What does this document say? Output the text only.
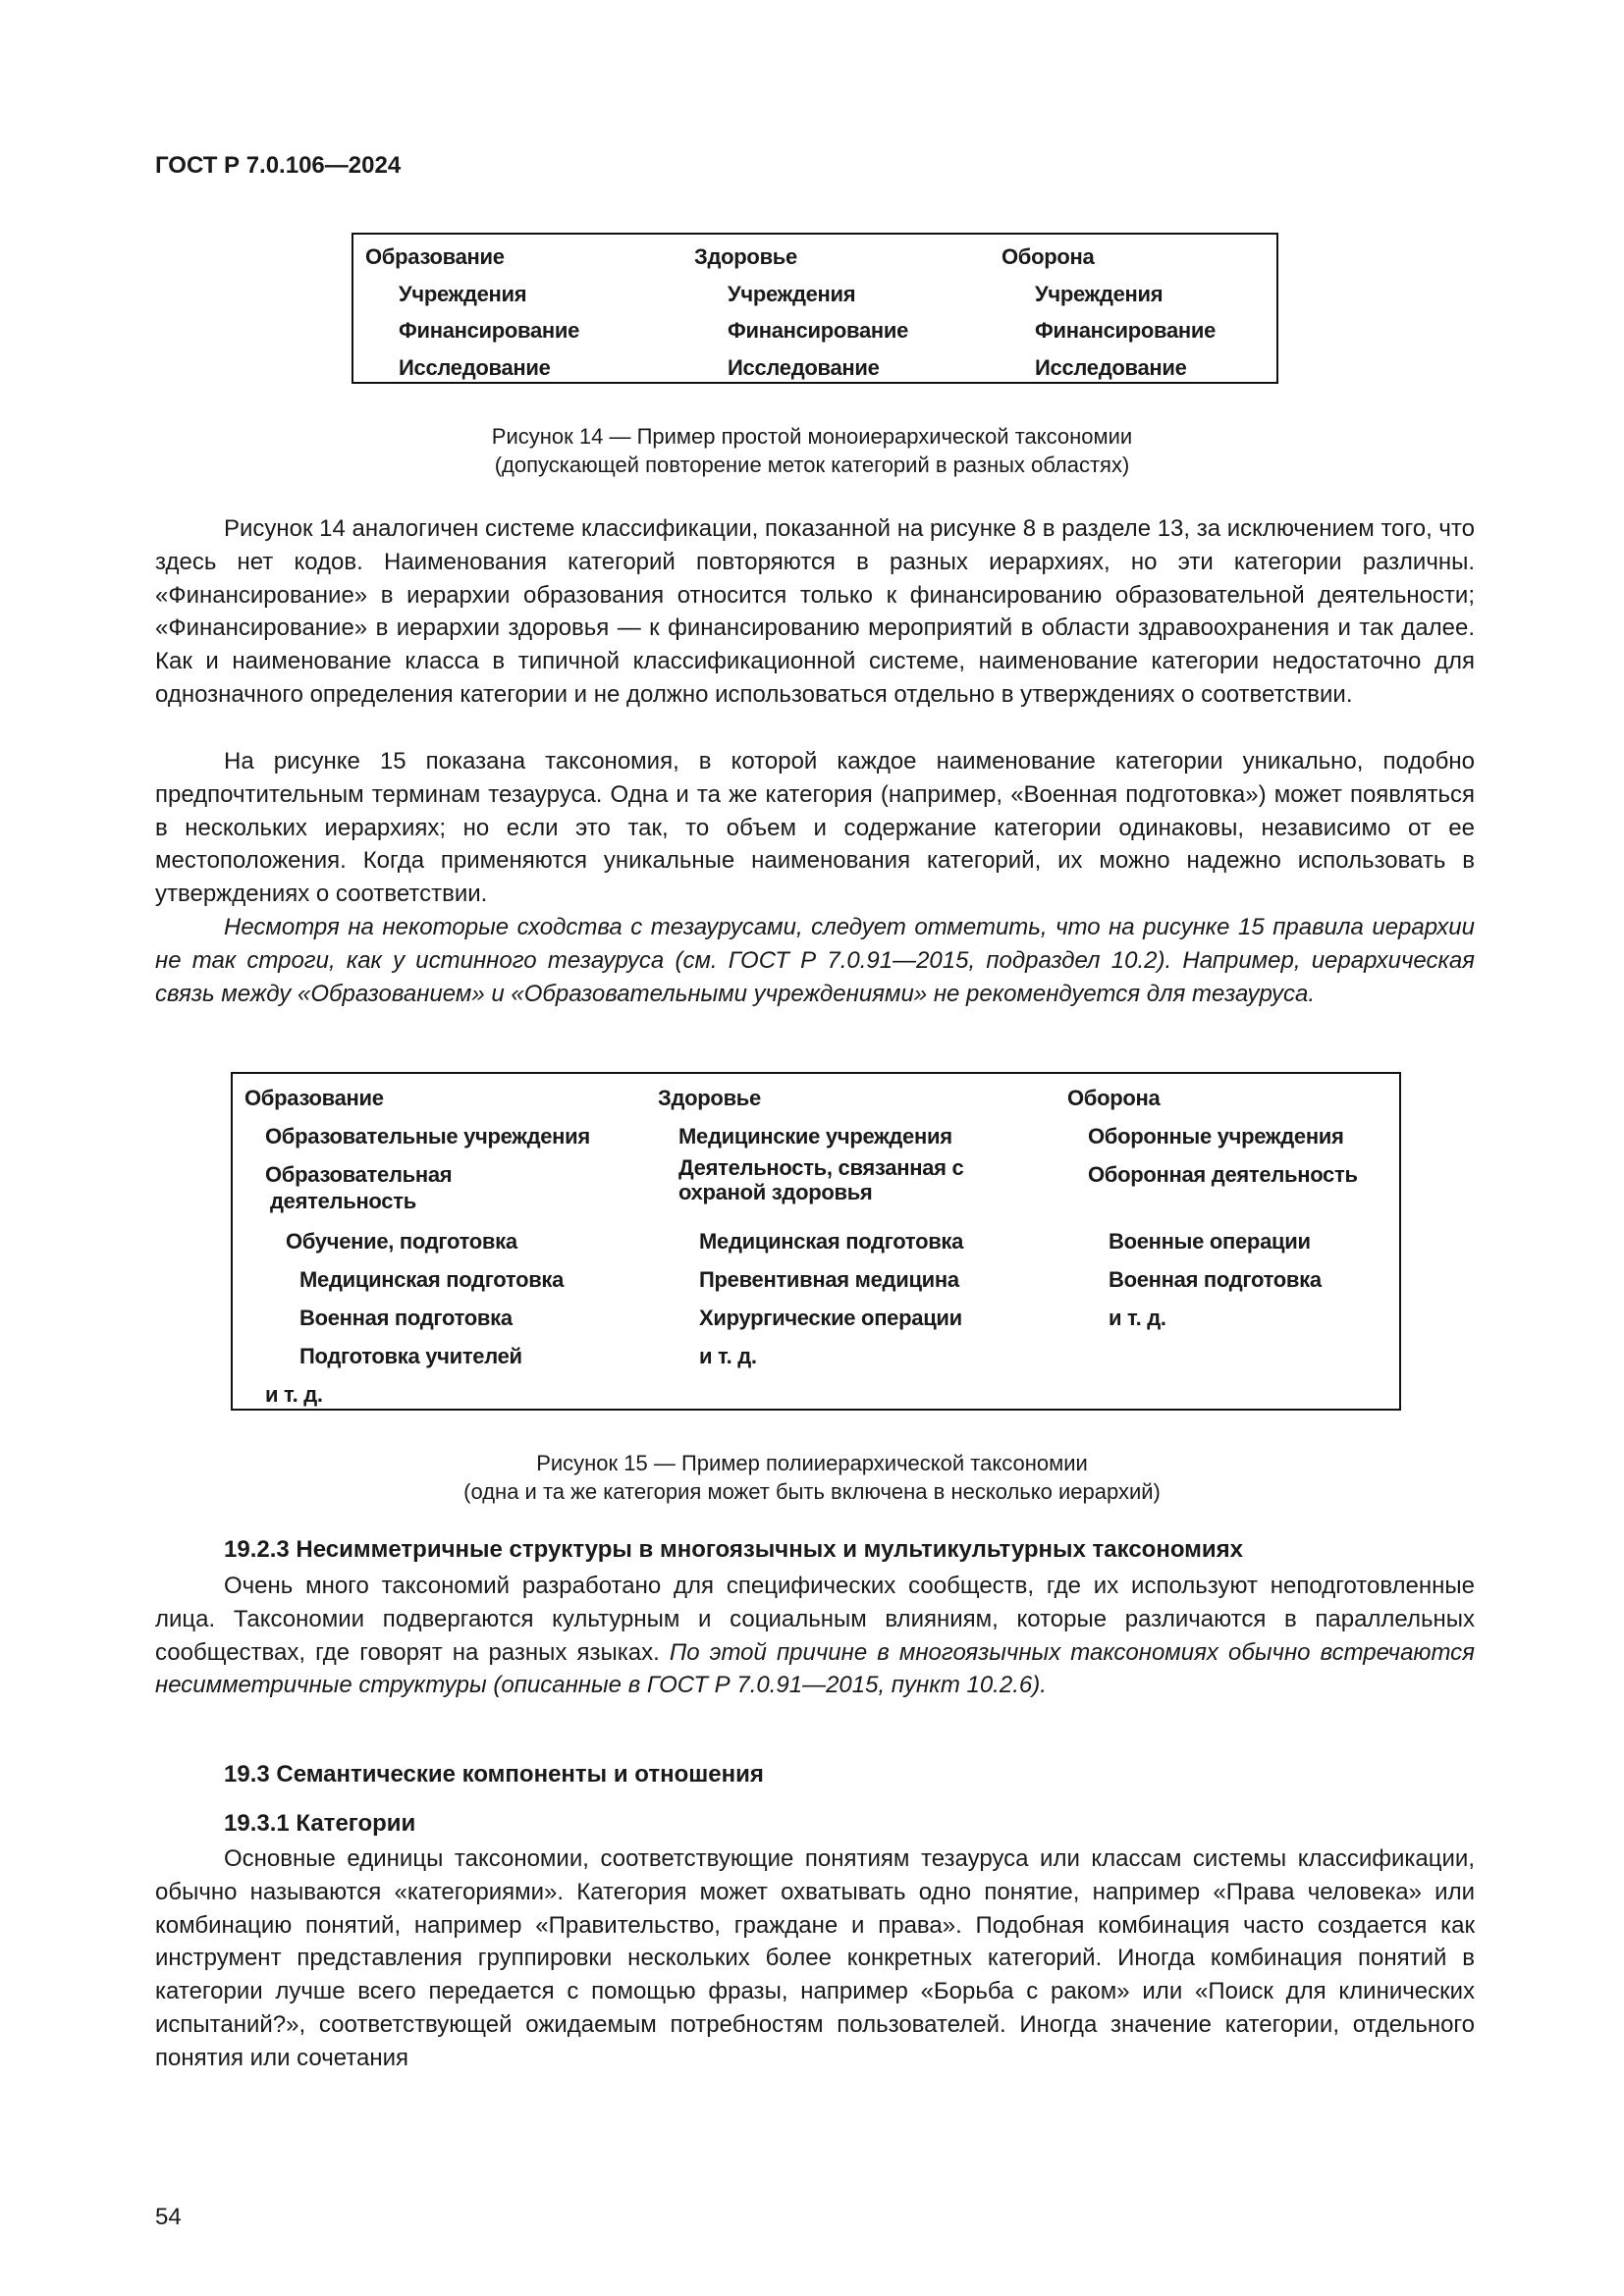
ГОСТ Р 7.0.106—2024
Образование
Учреждения
Финансирование
Исследование
Здоровье
Учреждения
Финансирование
Исследование
Оборона
Учреждения
Финансирование
Исследование
Рисунок 14 — Пример простой моноиерархической таксономии
(допускающей повторение меток категорий в разных областях)
Рисунок 14 аналогичен системе классификации, показанной на рисунке 8 в разделе 13, за исключением того, что здесь нет кодов. Наименования категорий повторяются в разных иерархиях, но эти категории различны. «Финансирование» в иерархии образования относится только к финансированию образовательной деятельности; «Финансирование» в иерархии здоровья — к финансированию мероприятий в области здравоохранения и так далее. Как и наименование класса в типичной классификационной системе, наименование категории недостаточно для однозначного определения категории и не должно использоваться отдельно в утверждениях о соответствии.
На рисунке 15 показана таксономия, в которой каждое наименование категории уникально, подобно предпочтительным терминам тезауруса. Одна и та же категория (например, «Военная подготовка») может появляться в нескольких иерархиях; но если это так, то объем и содержание категории одинаковы, независимо от ее местоположения. Когда применяются уникальные наименования категорий, их можно надежно использовать в утверждениях о соответствии.
Несмотря на некоторые сходства с тезаурусами, следует отметить, что на рисунке 15 правила иерархии не так строги, как у истинного тезауруса (см. ГОСТ Р 7.0.91—2015, подраздел 10.2). Например, иерархическая связь между «Образованием» и «Образовательными учреждениями» не рекомендуется для тезауруса.
Образование
Образовательные учреждения
Образовательная
деятельность
Обучение, подготовка
Медицинская подготовка
Военная подготовка
Подготовка учителей
и т. д.
Здоровье
Медицинские учреждения
Деятельность, связанная с
охраной здоровья
Медицинская подготовка
Превентивная медицина
Хирургические операции
и т. д.
Оборона
Оборонные учреждения
Оборонная деятельность
Военные операции
Военная подготовка
и т. д.
Рисунок 15 — Пример полииерархической таксономии
(одна и та же категория может быть включена в несколько иерархий)
19.2.3 Несимметричные структуры в многоязычных и мультикультурных таксономиях
Очень много таксономий разработано для специфических сообществ, где их используют неподготовленные лица. Таксономии подвергаются культурным и социальным влияниям, которые различаются в параллельных сообществах, где говорят на разных языках. По этой причине в многоязычных таксономиях обычно встречаются несимметричные структуры (описанные в ГОСТ Р 7.0.91—2015, пункт 10.2.6).
19.3 Семантические компоненты и отношения
19.3.1 Категории
Основные единицы таксономии, соответствующие понятиям тезауруса или классам системы классификации, обычно называются «категориями». Категория может охватывать одно понятие, например «Права человека» или комбинацию понятий, например «Правительство, граждане и права». Подобная комбинация часто создается как инструмент представления группировки нескольких более конкретных категорий. Иногда комбинация понятий в категории лучше всего передается с помощью фразы, например «Борьба с раком» или «Поиск для клинических испытаний?», соответствующей ожидаемым потребностям пользователей. Иногда значение категории, отдельного понятия или сочетания
54
